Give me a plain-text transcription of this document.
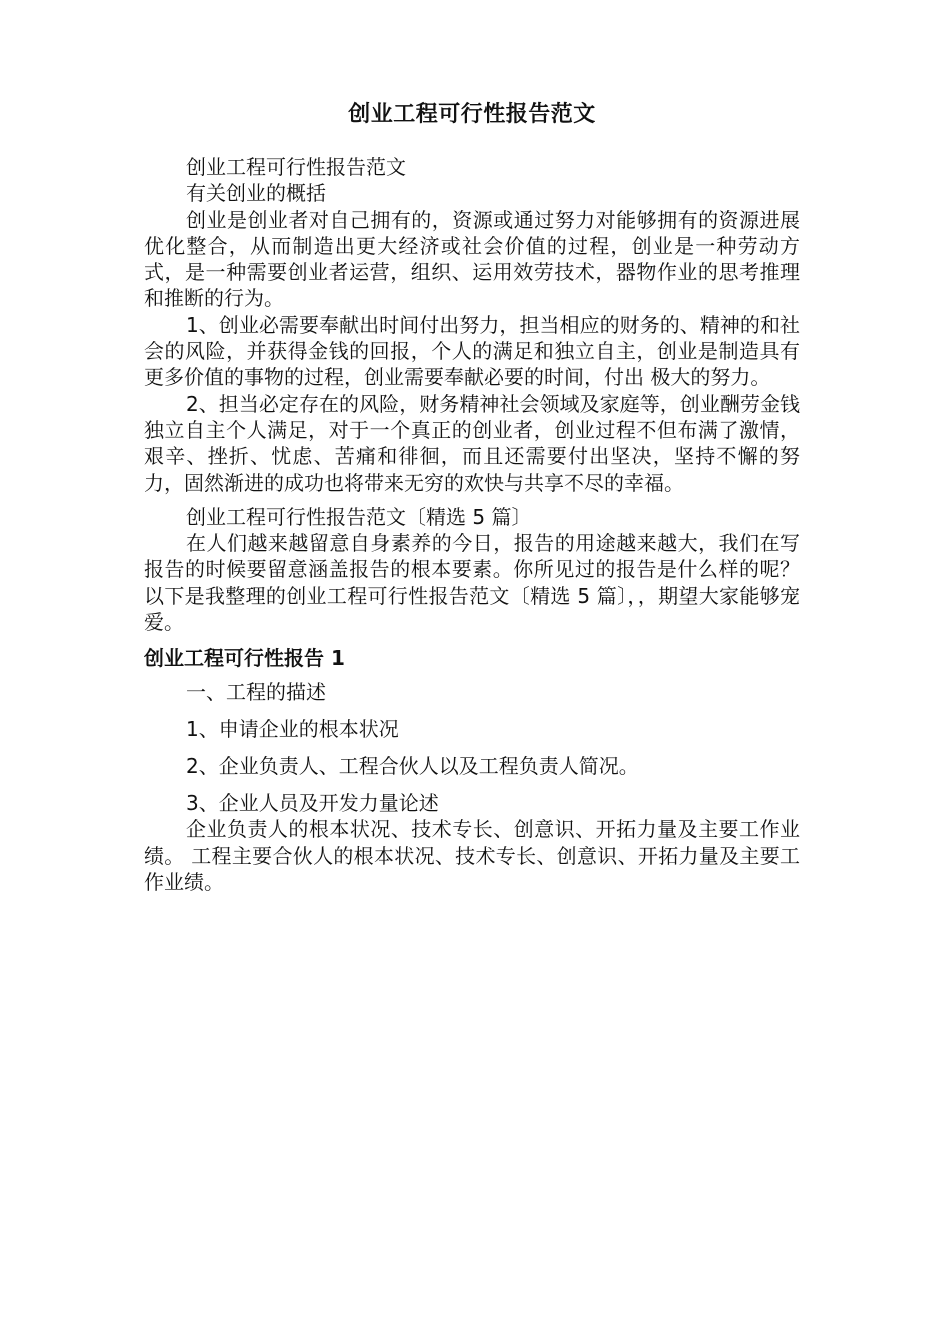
创业工程可行性报告范文

创业工程可行性报告范文

有关创业的概括

创业是创业者对自己拥有的，资源或通过努力对能够拥有的资源进展优化整合，从而制造出更大经济或社会价值的过程，创业是一种劳动方式，是一种需要创业者运营，组织、运用效劳技术，器物作业的思考推理和推断的行为。

1、创业必需要奉献出时间付出努力，担当相应的财务的、精神的和社会的风险，并获得金钱的回报，个人的满足和独立自主，创业是制造具有更多价值的事物的过程，创业需要奉献必要的时间，付出 极大的努力。

2、担当必定存在的风险，财务精神社会领域及家庭等，创业酬劳金钱独立自主个人满足，对于一个真正的创业者，创业过程不但布满了激情，艰辛、挫折、忧虑、苦痛和徘徊，而且还需要付出坚决，坚持不懈的努力，固然渐进的成功也将带来无穷的欢快与共享不尽的幸福。

创业工程可行性报告范文〔精选 5 篇〕

在人们越来越留意自身素养的今日，报告的用途越来越大，我们在写报告的时候要留意涵盖报告的根本要素。你所见过的报告是什么样的呢？以下是我整理的创业工程可行性报告范文〔精选 5 篇〕，，期望大家能够宠爱。

创业工程可行性报告 1
一、工程的描述
1、申请企业的根本状况
2、企业负责人、工程合伙人以及工程负责人简况。
3、企业人员及开发力量论述

企业负责人的根本状况、技术专长、创意识、开拓力量及主要工作业绩。 工程主要合伙人的根本状况、技术专长、创意识、开拓力量及主要工作业绩。
